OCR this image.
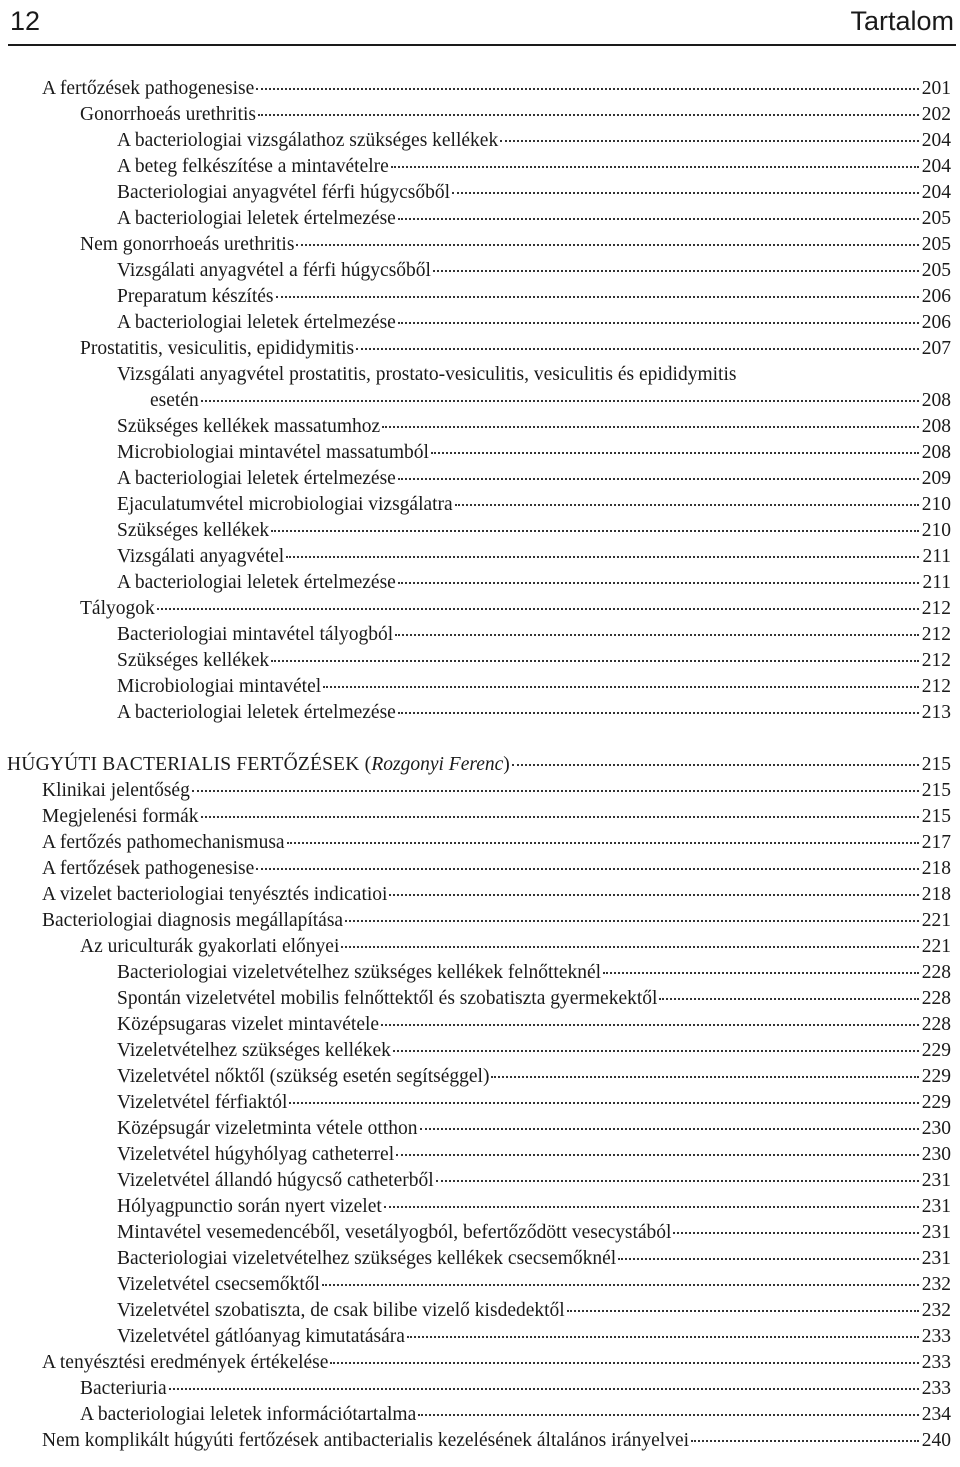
12	Tartalom
A fertőzések pathogenesise	201
Gonorrhoeás urethritis	202
A bacteriologiai vizsgálathoz szükséges kellékek	204
A beteg felkészítése a mintavételre	204
Bacteriologiai anyagvétel férfi húgycsőből	204
A bacteriologiai leletek értelmezése	205
Nem gonorrhoeás urethritis	205
Vizsgálati anyagvétel a férfi húgycsőből	205
Preparatum készítés	206
A bacteriologiai leletek értelmezése	206
Prostatitis, vesiculitis, epididymitis	207
Vizsgálati anyagvétel prostatitis, prostato-vesiculitis, vesiculitis és epididymitis
esetén	208
Szükséges kellékek massatumhoz	208
Microbiologiai mintavétel massatumból	208
A bacteriologiai leletek értelmezése	209
Ejaculatumvétel microbiologiai vizsgálatra	210
Szükséges kellékek	210
Vizsgálati anyagvétel	211
A bacteriologiai leletek értelmezése	211
Tályogok	212
Bacteriologiai mintavétel tályogból	212
Szükséges kellékek	212
Microbiologiai mintavétel	212
A bacteriologiai leletek értelmezése	213
HÚGYÚTI BACTERIALIS FERTŐZÉSEK (Rozgonyi Ferenc)	215
Klinikai jelentőség	215
Megjelenési formák	215
A fertőzés pathomechanismusa	217
A fertőzések pathogenesise	218
A vizelet bacteriologiai tenyésztés indicatioi	218
Bacteriologiai diagnosis megállapítása	221
Az uriculturák gyakorlati előnyei	221
Bacteriologiai vizeletvételhez szükséges kellékek felnőtteknél	228
Spontán vizeletvétel mobilis felnőttektől és szobatiszta gyermekektől	228
Középsugaras vizelet mintavétele	228
Vizeletvételhez szükséges kellékek	229
Vizeletvétel nőktől (szükség esetén segítséggel)	229
Vizeletvétel férfiaktól	229
Középsugár vizeletminta vétele otthon	230
Vizeletvétel húgyhólyag catheterrel	230
Vizeletvétel állandó húgycső catheterből	231
Hólyagpunctio során nyert vizelet	231
Mintavétel vesemedencéből, vesetályogból, befertőződött vesecystából	231
Bacteriologiai vizeletvételhez szükséges kellékek csecsemőknél	231
Vizeletvétel csecsemőktől	232
Vizeletvétel szobatiszta, de csak bilibe vizelő kisdedektől	232
Vizeletvétel gátlóanyag kimutatására	233
A tenyésztési eredmények értékelése	233
Bacteriuria	233
A bacteriologiai leletek információtartalma	234
Nem komplikált húgyúti fertőzések antibacterialis kezelésének általános irányelvei	240
